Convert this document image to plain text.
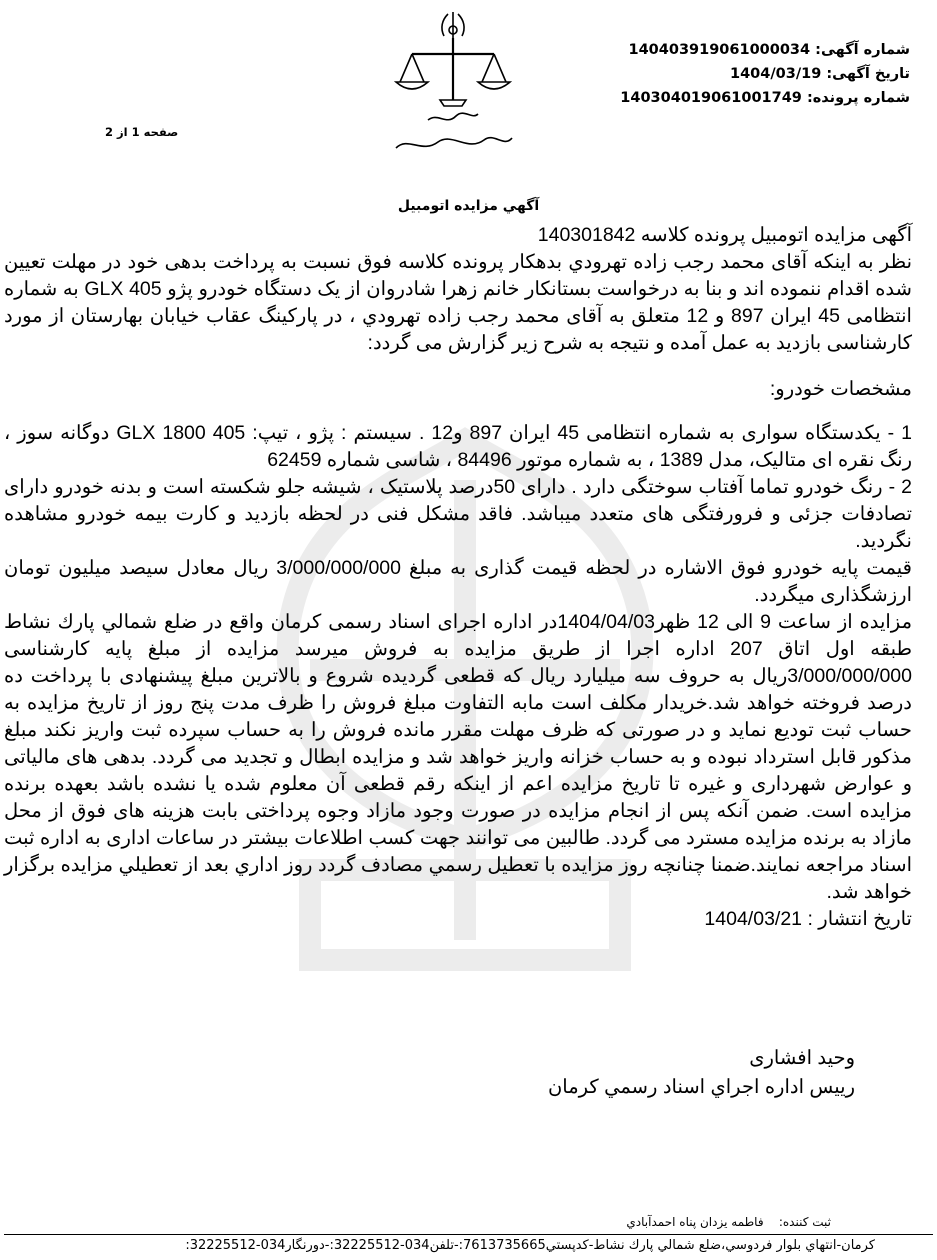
شماره آگهی: 140403919061000034
تاریخ آگهی: 1404/03/19
شماره پرونده: 140304019061001749
صفحه 1 از 2
آگهي مزايده اتومبيل

آگهی مزایده اتومبیل پرونده کلاسه 140301842

نظر به اینکه آقای محمد رجب زاده تهرودي بدهکار پرونده کلاسه فوق نسبت به پرداخت بدهی خود در مهلت تعیین شده اقدام ننموده اند و بنا به درخواست بستانکار خانم زهرا شادروان از یک دستگاه خودرو پژو 405 GLX به شماره انتظامی 45 ایران 897 و 12 متعلق به آقای محمد رجب زاده تهرودي ، در پارکینگ عقاب خیابان بهارستان از مورد کارشناسی بازدید به عمل آمده و نتیجه به شرح زیر گزارش می گردد:

مشخصات خودرو:

1 - یکدستگاه سواری به شماره انتظامی 45 ایران 897 و12 . سیستم : پژو ، تیپ: GLX 1800 405 دوگانه سوز ، رنگ نقره ای متالیک، مدل 1389 ، به شماره موتور 84496 ، شاسی شماره 62459

2 - رنگ خودرو تماما آفتاب سوختگی دارد . دارای 50درصد پلاستیک ، شیشه جلو شکسته است و بدنه خودرو دارای تصادفات جزئی و فرورفتگی های متعدد میباشد. فاقد مشکل فنی در لحظه بازدید و کارت بیمه خودرو مشاهده نگردید.

قیمت پایه خودرو فوق الاشاره در لحظه قیمت گذاری به مبلغ 3/000/000/000 ریال معادل سیصد میلیون تومان ارزشگذاری میگردد.

مزایده از ساعت 9 الی 12 ظهر1404/04/03در اداره اجرای اسناد رسمی کرمان واقع در ضلع شمالي پارك نشاط طبقه اول اتاق 207 اداره اجرا از طریق مزایده به فروش میرسد مزایده از مبلغ پایه کارشناسی 3/000/000/000ریال به حروف سه میلیارد ریال که قطعی گردیده شروع و بالاترین مبلغ پیشنهادی با پرداخت ده درصد فروخته خواهد شد.خریدار مکلف است مابه التفاوت مبلغ فروش را ظرف مدت پنج روز از تاریخ مزایده به حساب ثبت تودیع نماید و در صورتی که ظرف مهلت مقرر مانده فروش را به حساب سپرده ثبت واریز نکند مبلغ مذکور قابل استرداد نبوده و به حساب خزانه واریز خواهد شد و مزایده ابطال و تجدید می گردد. بدهی های مالیاتی و عوارض شهرداری و غیره تا تاریخ مزایده اعم از اینکه رقم قطعی آن معلوم شده یا نشده باشد بعهده برنده مزایده است. ضمن آنکه پس از انجام مزایده در صورت وجود مازاد وجوه پرداختی بابت هزینه های فوق از محل مازاد به برنده مزایده مسترد می گردد. طالبین می توانند جهت کسب اطلاعات بیشتر در ساعات اداری به اداره ثبت اسناد مراجعه نمایند.ضمنا چنانچه روز مزایده با تعطیل رسمي مصادف گردد روز اداري بعد از تعطيلي مزايده برگزار خواهد شد.

تاریخ انتشار : 1404/03/21

وحید افشاری
رييس اداره اجراي اسناد رسمي كرمان
ثبت کننده:    فاطمه يزدان پناه احمدآبادي
كرمان-انتهاي بلوار فردوسي،ضلع شمالي پارك نشاط-كدپستي7613735665:-تلفن034-32225512:-دورنگار034-32225512:
